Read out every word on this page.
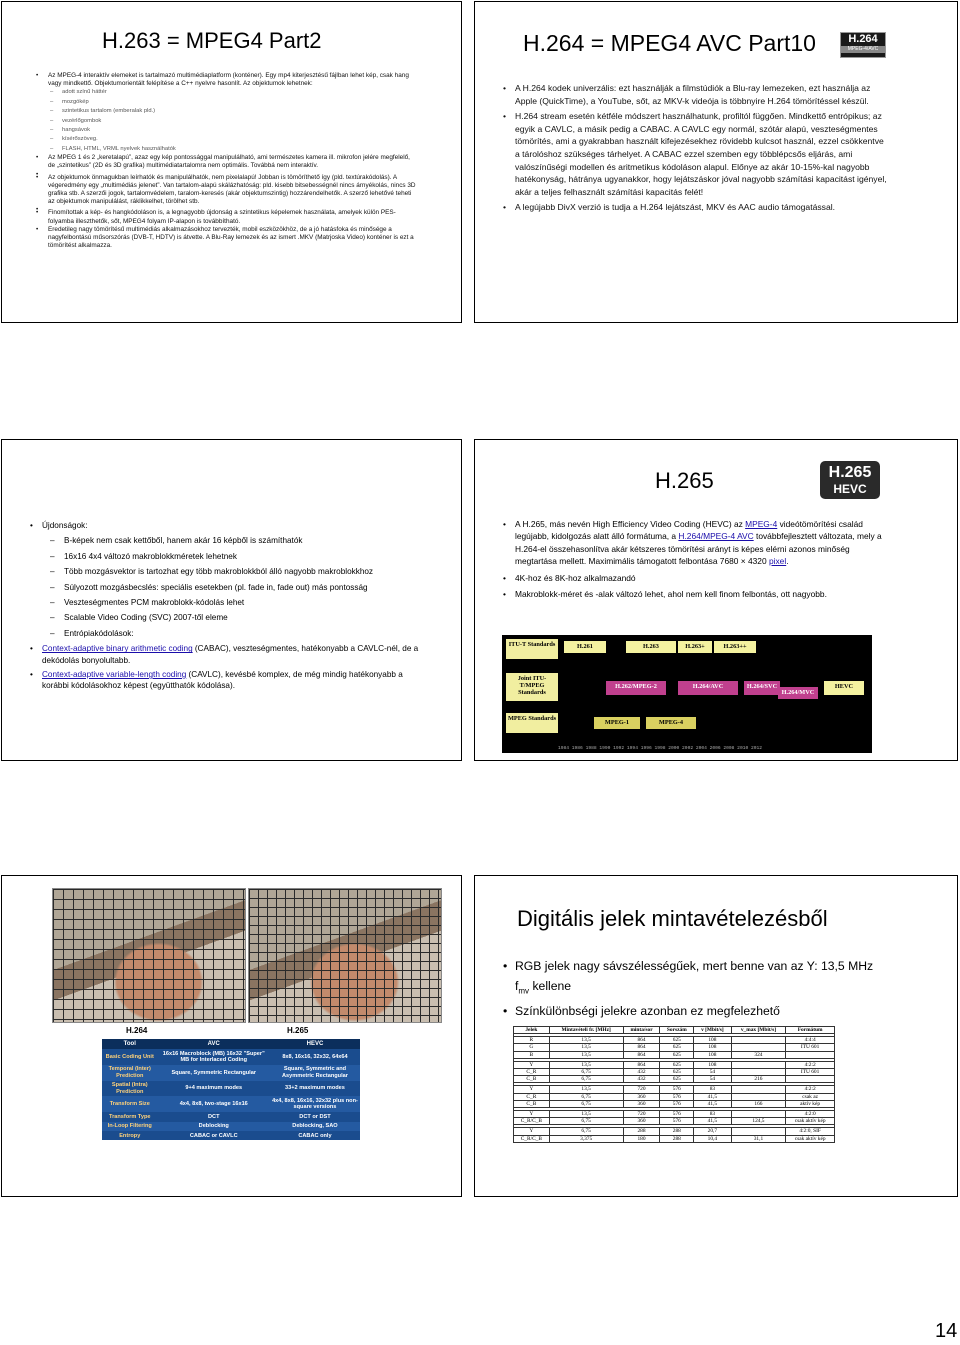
H.263 = MPEG4 Part2
• Az MPEG-4 interaktív elemeket is tartalmazó multimédiaplatform (konténer). Egy mp4 kiterjesztésű fájlban lehet kép, csak hang vagy mindkettő. Objektumorientált felépítése a C++ nyelvre hasonlít. Az objektumok lehetnek:
– adott színű háttér
– mozgókép
– szintetikus tartalom (emberalak pld.)
– vezérlőgombok
– hangsávok
– kísérőszöveg.
– FLASH, HTML, VRML nyelvek használhatók
• Az MPEG 1 és 2 „keretalapú”, azaz egy kép pontossággal manipulálható, ami természetes kamera ill. mikrofon jelére megfelelő, de „szintetikus” (2D és 3D grafika) multimédiatartalomra nem optimális. Továbbá nem interaktív.
•
• Az objektumok önmagukban leírhatók és manipulálhatók, nem pixelalapú! Jobban is tömöríthető így (pld. textúrakódolás). A végeredmény egy „multimédiás jelenet”. Van tartalom-alapú skálázhatóság: pld. kisebb bitsebességnél nincs árnyékolás, nincs 3D grafika stb. A szerzői jogok, tartalomvédelem, taralom-keresés (akár objektumszintig) hozzárendelhetők. A szerző lehetővé teheti az objektumok manipulálást, ráklikkelhet, törölhet stb.
•
• Finomítottak a kép- és hangkódoláson is, a legnagyobb újdonság a szintetikus képelemek használata, amelyek külön PES-folyamba illeszthetők, sőt, MPEG4 folyam IP-alapon is továbbítható.
• Eredetileg nagy tömörítésű multimédiás alkalmazásokhoz tervezték, mobil eszközökhöz, de a jó hatásfoka és minősége a nagyfelbontású műsorszórás (DVB-T, HDTV) is átvette. A Blu-Ray lemezek és az ismert .MKV (Matrjoska Video) konténer is ezt a tömörítést alkalmazza.
H.264 = MPEG4 AVC Part10	H.264
MPEG-4/AVC
• A H.264 kodek univerzális: ezt használják a filmstúdiók a Blu-ray lemezeken, ezt használja az Apple (QuickTime), a YouTube, sőt, az MKV-k videója is többnyire H.264 tömörítéssel készül.
• H.264 stream esetén kétféle módszert használhatunk, profiltól függően. Mindkettő entrópikus; az egyik a CAVLC, a másik pedig a CABAC. A CAVLC egy normál, szótár alapú, veszteségmentes tömörítés, ami a gyakrabban használt kifejezésekhez rövidebb kulcsot használ, ezzel csökkentve a tárolóshoz szükséges tárhelyet. A CABAC ezzel szemben egy többlépcsős eljárás, ami valószínűségi modellen és aritmetikus kódoláson alapul. Előnye az akár 10-15%-kal nagyobb hatékonyság, hátránya ugyanakkor, hogy lejátszáskor jóval nagyobb számítási kapacitást igényel, akár a teljes felhasznált számítási kapacitás felét!
• A legújabb DivX verzió is tudja a H.264 lejátszást, MKV és AAC audio támogatással.
• Újdonságok:
– B-képek nem csak kettőből, hanem akár 16 képből is számíthatók
– 16x16 4x4 változó makroblokkméretek lehetnek
– Több mozgásvektor is tartozhat egy több makroblokkból álló nagyobb makroblokkhoz
– Súlyozott mozgásbecslés: speciális esetekben (pl. fade in, fade out) más pontosság
– Veszteségmentes PCM makroblokk-kódolás lehet
– Scalable Video Coding (SVC) 2007-től eleme
– Entrópiakódolások:
• Context-adaptive binary arithmetic coding (CABAC), veszteségmentes, hatékonyabb a CAVLC-nél, de a dekódolás bonyolultabb.
• Context-adaptive variable-length coding (CAVLC), kevésbé komplex, de még mindig hatékonyabb a korábbi kódolásokhoz képest (együtthatók kódolása).
H.265	H.265
HEVC
• A H.265, más nevén High Efficiency Video Coding (HEVC) az MPEG-4 videótömörítési család legújabb, kidolgozás alatt álló formátuma, a H.264/MPEG-4 AVC továbbfejlesztett változata, mely a H.264-el összehasonlítva akár kétszeres tömörítési arányt is képes elérni azonos minőség megtartása mellett. Maximimális támogatott felbontása 7680 × 4320 pixel.
• 4K-hoz és 8K-hoz alkalmazandó
• Makroblokk-méret és -alak változó lehet, ahol nem kell finom felbontás, ott nagyobb.
ITU-T Standards
Joint ITU-T/MPEG Standards
MPEG Standards
H.261	H.263	H.263+	H.263++
H.262/MPEG-2	H.264/AVC	H.264/SVC
H.264/MVC
HEVC
MPEG-1	MPEG-4
1984 1986 1988 1990 1992 1994 1996 1998 2000 2002 2004 2006 2008 2010 2012
H.264	H.265
Tool	AVC	HEVC
Basic Coding Unit	16x16 Macroblock (MB) 16x32 "Super" MB for Interlaced Coding	8x8, 16x16, 32x32, 64x64
Temporal (Inter) Prediction	Square, Symmetric Rectangular	Square, Symmetric and Asymmetric Rectangular
Spatial (Intra) Prediction	9+4 maximum modes	33+2 maximum modes
Transform Size	4x4, 8x8, two-stage 16x16	4x4, 8x8, 16x16, 32x32 plus non-square versions
Transform Type	DCT	DCT or DST
In-Loop Filtering	Deblocking	Deblocking, SAO
Entropy	CABAC or CAVLC	CABAC only
Digitális jelek mintavételezésből
• RGB jelek nagy sávszélességűek, mert benne van az Y: 13,5 MHz $f_{mv}$ kellene
• Színkülönbségi jelekre azonban ez megfelezhető
Jelek	Mintavételi fr. [MHz]	minta/sor	Sorszám	v [Mbit/s]	v_max [Mbit/s]	Formátum

R	13,5	864	625	108		4:4:4
G	13,5	864	625	108		ITU 601
B	13,5	864	625	108	324	

Y	13,5	864	625	108		4:2:2
C_R	6,75	432	625	54		ITU 601
C_B	6,75	432	625	54	216	

Y	13,5	720	576	83		4:2:2
C_R	6,75	360	576	41,5		csak az
C_B	6,75	360	576	41,5	166	aktív kép

Y	13,5	720	576	83		4:2:0
C_R/C_B	6,75	360	576	41,5	124,5	csak aktív kép

Y	6,75	288	288	20,7		4:2:0, SIF
C_R/C_B	3,375	180	288	10,4	31,1	csak aktív kép
14
